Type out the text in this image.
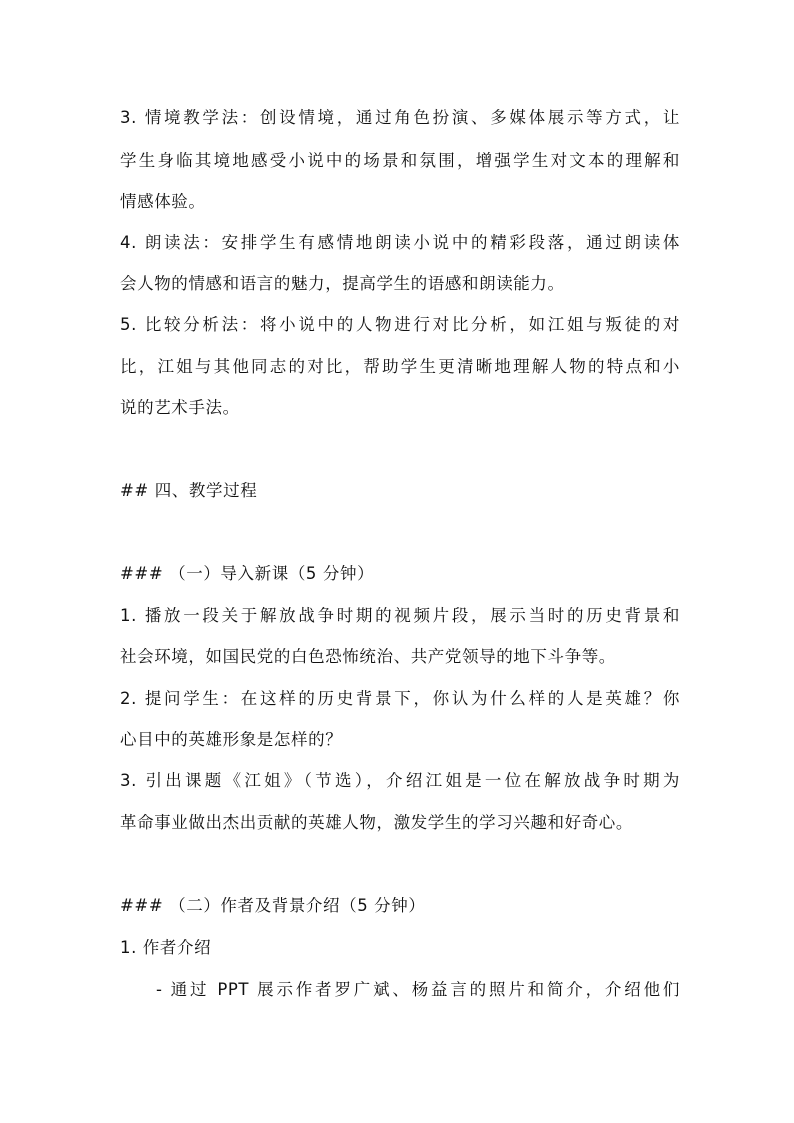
3. 情境教学法：创设情境，通过角色扮演、多媒体展示等方式，让
学生身临其境地感受小说中的场景和氛围，增强学生对文本的理解和
情感体验。
4. 朗读法：安排学生有感情地朗读小说中的精彩段落，通过朗读体
会人物的情感和语言的魅力，提高学生的语感和朗读能力。
5. 比较分析法：将小说中的人物进行对比分析，如江姐与叛徒的对
比，江姐与其他同志的对比，帮助学生更清晰地理解人物的特点和小
说的艺术手法。
## 四、教学过程
### （一）导入新课（5 分钟）
1. 播放一段关于解放战争时期的视频片段，展示当时的历史背景和
社会环境，如国民党的白色恐怖统治、共产党领导的地下斗争等。
2. 提问学生：在这样的历史背景下，你认为什么样的人是英雄？你
心目中的英雄形象是怎样的？
3. 引出课题《江姐》（节选），介绍江姐是一位在解放战争时期为
革命事业做出杰出贡献的英雄人物，激发学生的学习兴趣和好奇心。
### （二）作者及背景介绍（5 分钟）
1. 作者介绍
- 通过 PPT 展示作者罗广斌、杨益言的照片和简介，介绍他们
